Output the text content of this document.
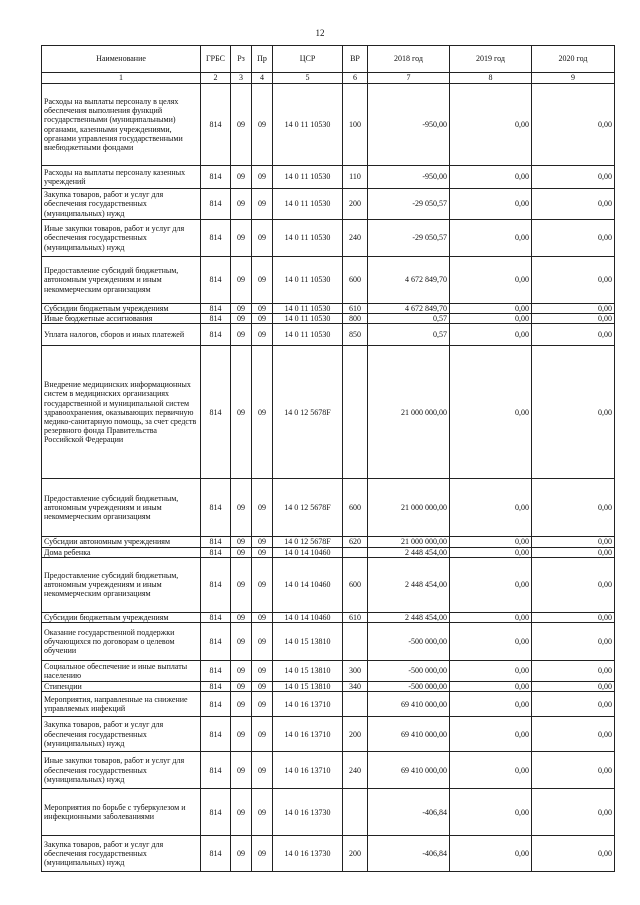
12
Наименование	ГРБС	Рз	Пр	ЦСР	ВР	2018 год	2019 год	2020 год
1	2	3	4	5	6	7	8	9
Расходы на выплаты персоналу в целях обеспечения выполнения функций государственными (муниципальными) органами, казенными учреждениями, органами управления государственными внебюджетными фондами	814	09	09	14 0 11 10530	100	-950,00	0,00	0,00
Расходы на выплаты персоналу казенных учреждений	814	09	09	14 0 11 10530	110	-950,00	0,00	0,00
Закупка товаров, работ и услуг для обеспечения государственных (муниципальных) нужд	814	09	09	14 0 11 10530	200	-29 050,57	0,00	0,00
Иные закупки товаров, работ и услуг для обеспечения государственных (муниципальных) нужд	814	09	09	14 0 11 10530	240	-29 050,57	0,00	0,00
Предоставление субсидий бюджетным, автономным учреждениям и иным некоммерческим организациям	814	09	09	14 0 11 10530	600	4 672 849,70	0,00	0,00
Субсидии бюджетным учреждениям	814	09	09	14 0 11 10530	610	4 672 849,70	0,00	0,00
Иные бюджетные ассигнования	814	09	09	14 0 11 10530	800	0,57	0,00	0,00
Уплата налогов, сборов и иных платежей	814	09	09	14 0 11 10530	850	0,57	0,00	0,00
Внедрение медицинских информационных систем в медицинских организациях государственной и муниципальной систем здравоохранения, оказывающих первичную медико-санитарную помощь, за счет средств резервного фонда Правительства Российской Федерации	814	09	09	14 0 12 5678F		21 000 000,00	0,00	0,00
Предоставление субсидий бюджетным, автономным учреждениям и иным некоммерческим организациям	814	09	09	14 0 12 5678F	600	21 000 000,00	0,00	0,00
Субсидии автономным учреждениям	814	09	09	14 0 12 5678F	620	21 000 000,00	0,00	0,00
Дома ребенка	814	09	09	14 0 14 10460		2 448 454,00	0,00	0,00
Предоставление субсидий бюджетным, автономным учреждениям и иным некоммерческим организациям	814	09	09	14 0 14 10460	600	2 448 454,00	0,00	0,00
Субсидии бюджетным учреждениям	814	09	09	14 0 14 10460	610	2 448 454,00	0,00	0,00
Оказание государственной поддержки обучающихся по договорам о целевом обучении	814	09	09	14 0 15 13810		-500 000,00	0,00	0,00
Социальное обеспечение и иные выплаты населению	814	09	09	14 0 15 13810	300	-500 000,00	0,00	0,00
Стипендии	814	09	09	14 0 15 13810	340	-500 000,00	0,00	0,00
Мероприятия, направленные на снижение управляемых инфекций	814	09	09	14 0 16 13710		69 410 000,00	0,00	0,00
Закупка товаров, работ и услуг для обеспечения государственных (муниципальных) нужд	814	09	09	14 0 16 13710	200	69 410 000,00	0,00	0,00
Иные закупки товаров, работ и услуг для обеспечения государственных (муниципальных) нужд	814	09	09	14 0 16 13710	240	69 410 000,00	0,00	0,00
Мероприятия по борьбе с туберкулезом и инфекционными заболеваниями	814	09	09	14 0 16 13730		-406,84	0,00	0,00
Закупка товаров, работ и услуг для обеспечения государственных (муниципальных) нужд	814	09	09	14 0 16 13730	200	-406,84	0,00	0,00
